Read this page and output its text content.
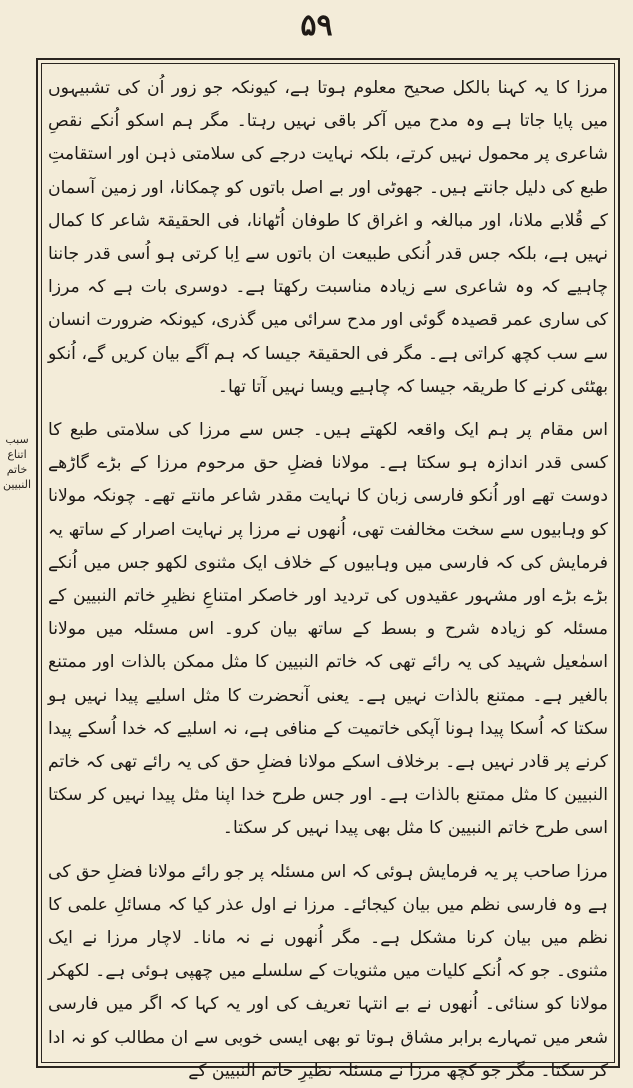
۵۹
سبب اتناع خاتم النبیین

مرزا کا یہ کہنا بالکل صحیح معلوم ہوتا ہے، کیونکہ جو زور اُن کی تشبیہوں میں پایا جاتا ہے وہ مدح میں آکر باقی نہیں رہتا۔ مگر ہم اسکو اُنکے نقصِ شاعری پر محمول نہیں کرتے، بلکہ نہایت درجے کی سلامتی ذہن اور استقامتِ طبع کی دلیل جانتے ہیں۔ جھوٹی اور بے اصل باتوں کو چمکانا، اور زمین آسمان کے قُلابے ملانا، اور مبالغہ و اغراق کا طوفان اُٹھانا، فی الحقیقۃ شاعر کا کمال نہیں ہے، بلکہ جس قدر اُنکی طبیعت ان باتوں سے اِبا کرتی ہو اُسی قدر جاننا چاہیے کہ وہ شاعری سے زیادہ مناسبت رکھتا ہے۔ دوسری بات ہے کہ مرزا کی ساری عمر قصیدہ گوئی اور مدح سرائی میں گذری، کیونکہ ضرورت انسان سے سب کچھ کراتی ہے۔ مگر فی الحقیقۃ جیسا کہ ہم آگے بیان کریں گے، اُنکو بھٹئی کرنے کا طریقہ جیسا کہ چاہیے ویسا نہیں آتا تھا۔

اس مقام پر ہم ایک واقعہ لکھتے ہیں۔ جس سے مرزا کی سلامتی طبع کا کسی قدر اندازہ ہو سکتا ہے۔ مولانا فضلِ حق مرحوم مرزا کے بڑے گاڑھے دوست تھے اور اُنکو فارسی زبان کا نہایت مقدر شاعر مانتے تھے۔ چونکہ مولانا کو وہابیوں سے سخت مخالفت تھی، اُنھوں نے مرزا پر نہایت اصرار کے ساتھ یہ فرمایش کی کہ فارسی میں وہابیوں کے خلاف ایک مثنوی لکھو جس میں اُنکے بڑے بڑے اور مشہور عقیدوں کی تردید اور خاصکر امتناعِ نظیرِ خاتم النبیین کے مسئلہ کو زیادہ شرح و بسط کے ساتھ بیان کرو۔ اس مسئلہ میں مولانا اسمٰعیل شہید کی یہ رائے تھی کہ خاتم النبیین کا مثل ممکن بالذات اور ممتنع بالغیر ہے۔ ممتنع بالذات نہیں ہے۔ یعنی آنحضرت کا مثل اسلیے پیدا نہیں ہو سکتا کہ اُسکا پیدا ہونا آپکی خاتمیت کے منافی ہے، نہ اسلیے کہ خدا اُسکے پیدا کرنے پر قادر نہیں ہے۔ برخلاف اسکے مولانا فضلِ حق کی یہ رائے تھی کہ خاتم النبیین کا مثل ممتنع بالذات ہے۔ اور جس طرح خدا اپنا مثل پیدا نہیں کر سکتا اسی طرح خاتم النبیین کا مثل بھی پیدا نہیں کر سکتا۔

مرزا صاحب پر یہ فرمایش ہوئی کہ اس مسئلہ پر جو رائے مولانا فضلِ حق کی ہے وہ فارسی نظم میں بیان کیجائے۔ مرزا نے اول عذر کیا کہ مسائلِ علمی کا نظم میں بیان کرنا مشکل ہے۔ مگر اُنھوں نے نہ مانا۔ لاچار مرزا نے ایک مثنوی۔ جو کہ اُنکے کلیات میں مثنویات کے سلسلے میں چھپی ہوئی ہے۔ لکھکر مولانا کو سنائی۔ اُنھوں نے بے انتہا تعریف کی اور یہ کہا کہ اگر میں فارسی شعر میں تمہارے برابر مشاق ہوتا تو بھی ایسی خوبی سے ان مطالب کو نہ ادا کر سکتا۔ مگر جو کچھ مرزا نے مسئلہ نظیرِ خاتم النبیین کے
